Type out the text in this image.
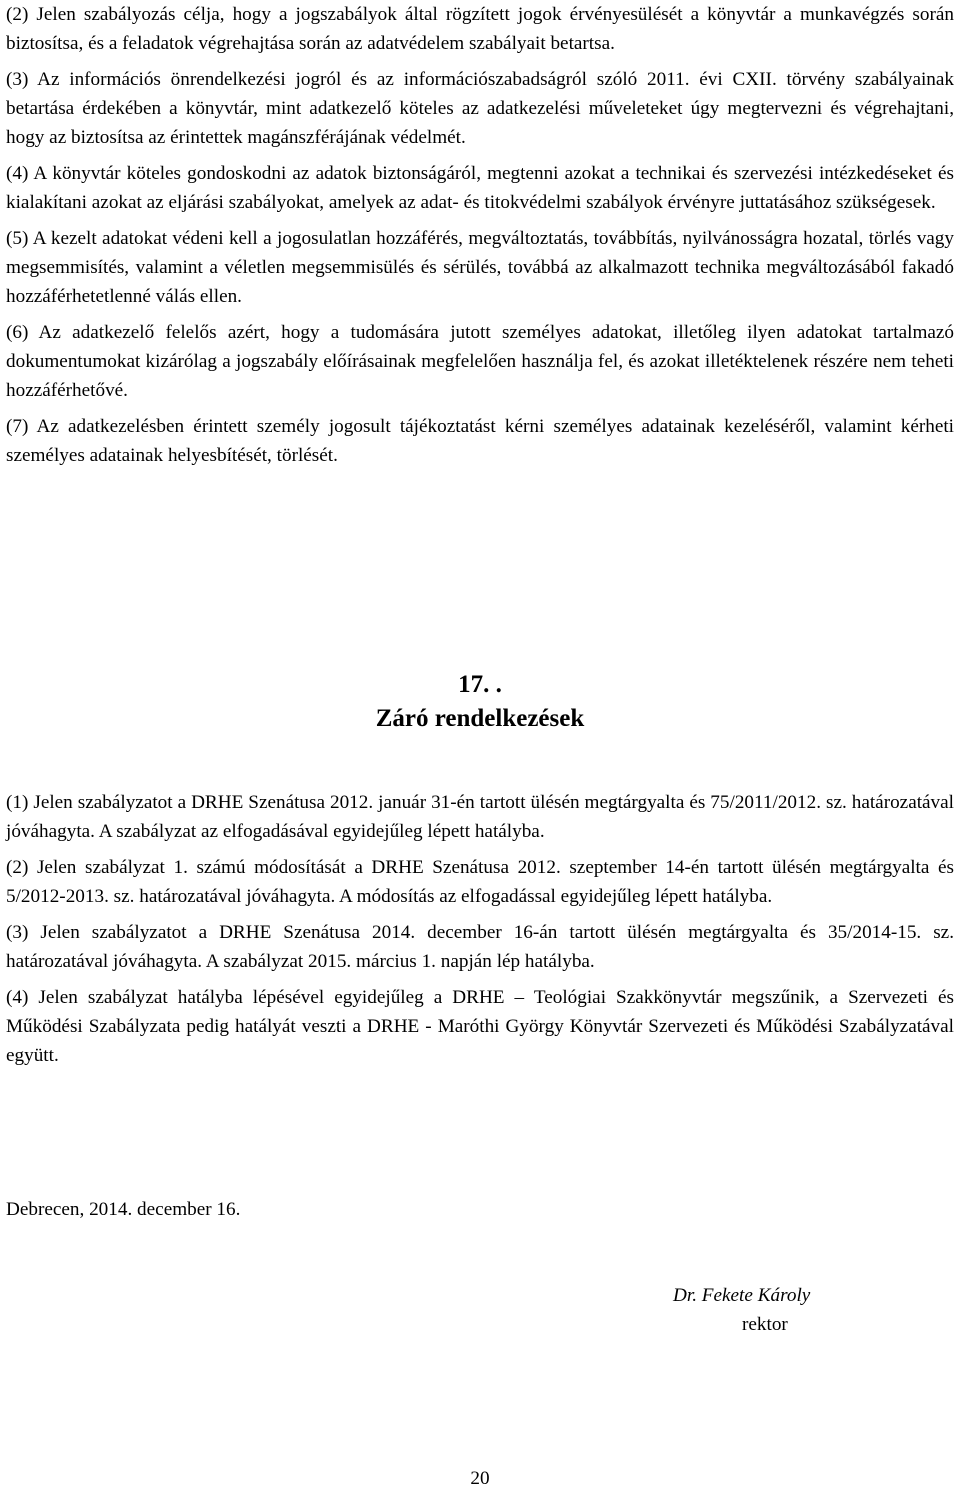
(2) Jelen szabályozás célja, hogy a jogszabályok által rögzített jogok érvényesülését a könyvtár a munkavégzés során biztosítsa, és a feladatok végrehajtása során az adatvédelem szabályait betartsa.

(3) Az információs önrendelkezési jogról és az információszabadságról szóló 2011. évi CXII. törvény szabályainak betartása érdekében a könyvtár, mint adatkezelő köteles az adatkezelési műveleteket úgy megtervezni és végrehajtani, hogy az biztosítsa az érintettek magánszférájának védelmét.

(4) A könyvtár köteles gondoskodni az adatok biztonságáról, megtenni azokat a technikai és szervezési intézkedéseket és kialakítani azokat az eljárási szabályokat, amelyek az adat- és titokvédelmi szabályok érvényre juttatásához szükségesek.

(5) A kezelt adatokat védeni kell a jogosulatlan hozzáférés, megváltoztatás, továbbítás, nyilvánosságra hozatal, törlés vagy megsemmisítés, valamint a véletlen megsemmisülés és sérülés, továbbá az alkalmazott technika megváltozásából fakadó hozzáférhetetlenné válás ellen.

(6) Az adatkezelő felelős azért, hogy a tudomására jutott személyes adatokat, illetőleg ilyen adatokat tartalmazó dokumentumokat kizárólag a jogszabály előírásainak megfelelően használja fel, és azokat illetéktelenek részére nem teheti hozzáférhetővé.

(7) Az adatkezelésben érintett személy jogosult tájékoztatást kérni személyes adatainak kezeléséről, valamint kérheti személyes adatainak helyesbítését, törlését.

17. .
Záró rendelkezések

(1) Jelen szabályzatot a DRHE Szenátusa 2012. január 31-én tartott ülésén megtárgyalta és 75/2011/2012. sz. határozatával jóváhagyta. A szabályzat az elfogadásával egyidejűleg lépett hatályba.

(2) Jelen szabályzat 1. számú módosítását a DRHE Szenátusa 2012. szeptember 14-én tartott ülésén megtárgyalta és 5/2012-2013. sz. határozatával jóváhagyta. A módosítás az elfogadással egyidejűleg lépett hatályba.

(3) Jelen szabályzatot a DRHE Szenátusa 2014. december 16-án tartott ülésén megtárgyalta és 35/2014-15. sz. határozatával jóváhagyta. A szabályzat 2015. március 1. napján lép hatályba.

(4) Jelen szabályzat hatályba lépésével egyidejűleg a DRHE – Teológiai Szakkönyvtár megszűnik, a Szervezeti és Működési Szabályzata pedig hatályát veszti a DRHE - Maróthi György Könyvtár Szervezeti és Működési Szabályzatával együtt.

Debrecen, 2014. december 16.
Dr. Fekete Károly
rektor
20
